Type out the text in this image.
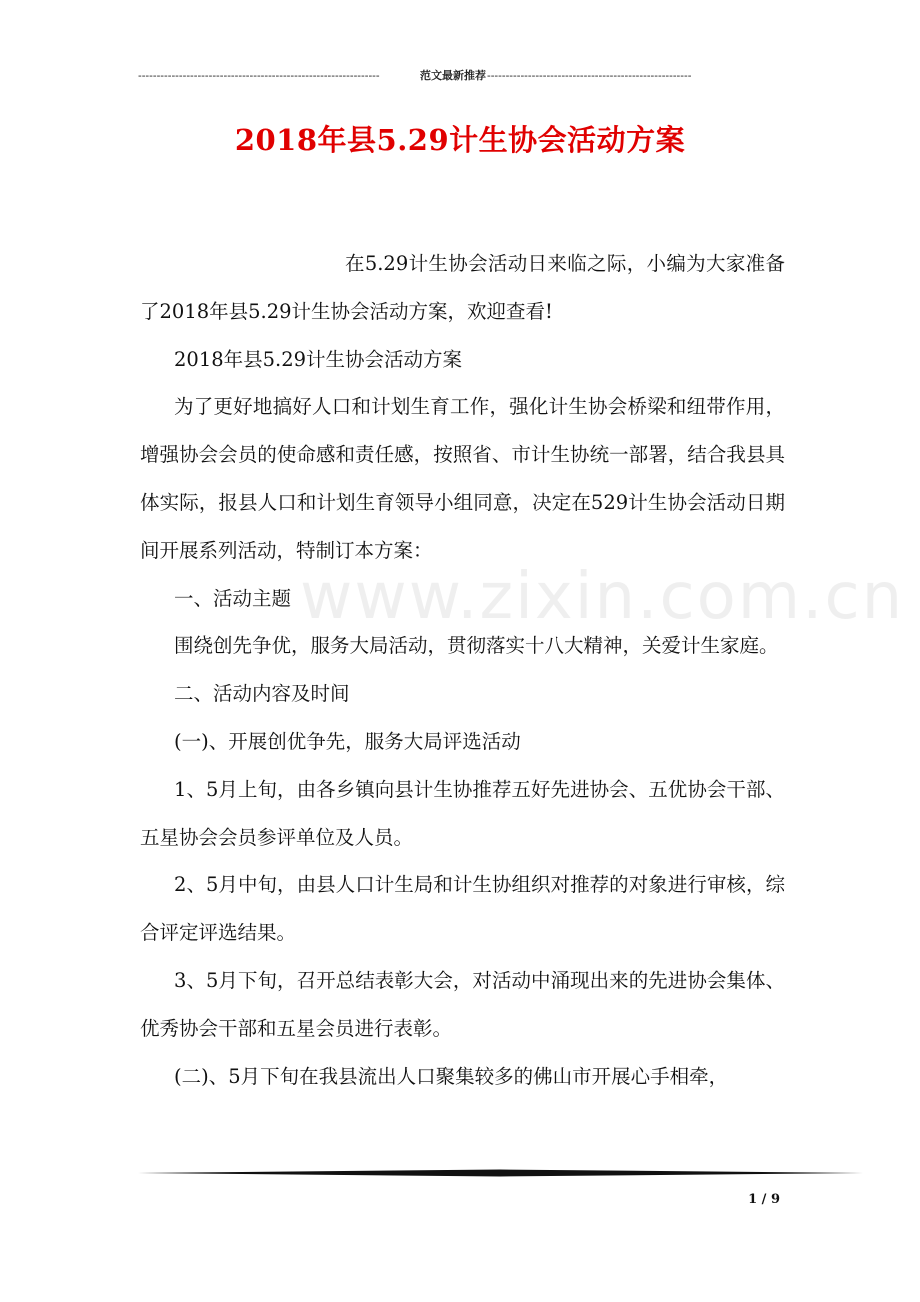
-----------------------------------------------------------------	范文最新推荐 -------------------------------------------------------
2018年县5.29计生协会活动方案
www.zixin.com.cn

在5.29计生协会活动日来临之际，小编为大家准备了2018年县5.29计生协会活动方案，欢迎查看!

2018年县5.29计生协会活动方案

为了更好地搞好人口和计划生育工作，强化计生协会桥梁和纽带作用，增强协会会员的使命感和责任感，按照省、市计生协统一部署，结合我县具体实际，报县人口和计划生育领导小组同意，决定在529计生协会活动日期间开展系列活动，特制订本方案：

一、活动主题

围绕创先争优，服务大局活动，贯彻落实十八大精神，关爱计生家庭。

二、活动内容及时间

(一)、开展创优争先，服务大局评选活动

1、5月上旬，由各乡镇向县计生协推荐五好先进协会、五优协会干部、五星协会会员参评单位及人员。

2、5月中旬，由县人口计生局和计生协组织对推荐的对象进行审核，综合评定评选结果。

3、5月下旬，召开总结表彰大会，对活动中涌现出来的先进协会集体、优秀协会干部和五星会员进行表彰。

(二)、5月下旬在我县流出人口聚集较多的佛山市开展心手相牵，

1 / 9
